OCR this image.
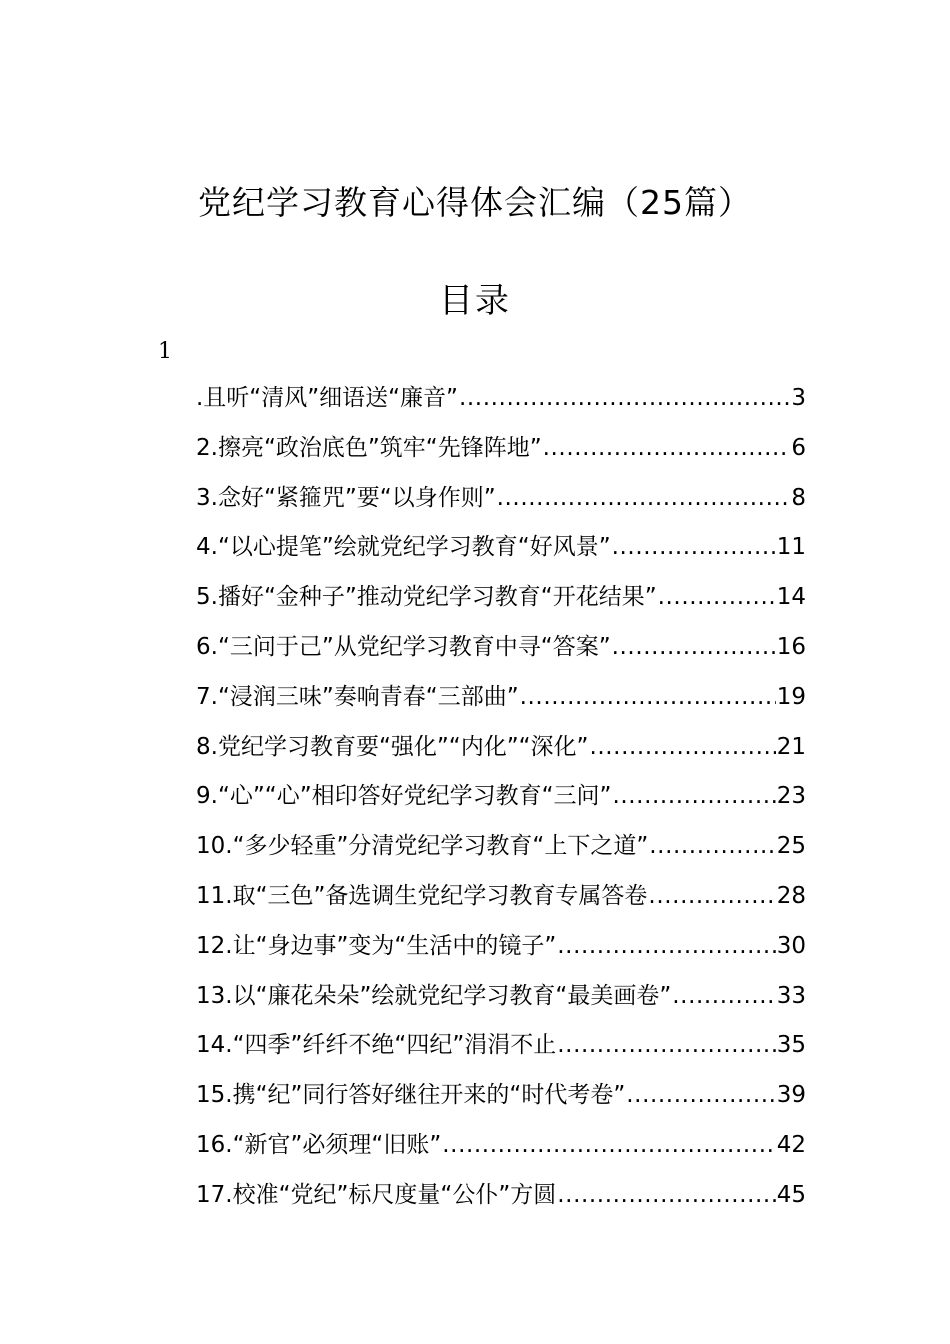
党纪学习教育心得体会汇编（25篇）
目录
1
.且听“清风”细语送“廉音” .....	3
2.擦亮“政治底色”筑牢“先锋阵地” .....	6
3.念好“紧箍咒”要“以身作则” .....	8
4.“以心提笔”绘就党纪学习教育“好风景” .....	11
5.播好“金种子”推动党纪学习教育“开花结果” .....	14
6.“三问于己”从党纪学习教育中寻“答案” .....	16
7.“浸润三味”奏响青春“三部曲” .....	19
8.党纪学习教育要“强化”“内化”“深化” .....	21
9.“心”“心”相印答好党纪学习教育“三问” .....	23
10.“多少轻重”分清党纪学习教育“上下之道” .....	25
11.取“三色”备选调生党纪学习教育专属答卷 .....	28
12.让“身边事”变为“生活中的镜子” .....	30
13.以“廉花朵朵”绘就党纪学习教育“最美画卷” .....	33
14.“四季”纤纤不绝“四纪”涓涓不止 .....	35
15.携“纪”同行答好继往开来的“时代考卷” .....	39
16.“新官”必须理“旧账” .....	42
17.校准“党纪”标尺度量“公仆”方圆 .....	45
